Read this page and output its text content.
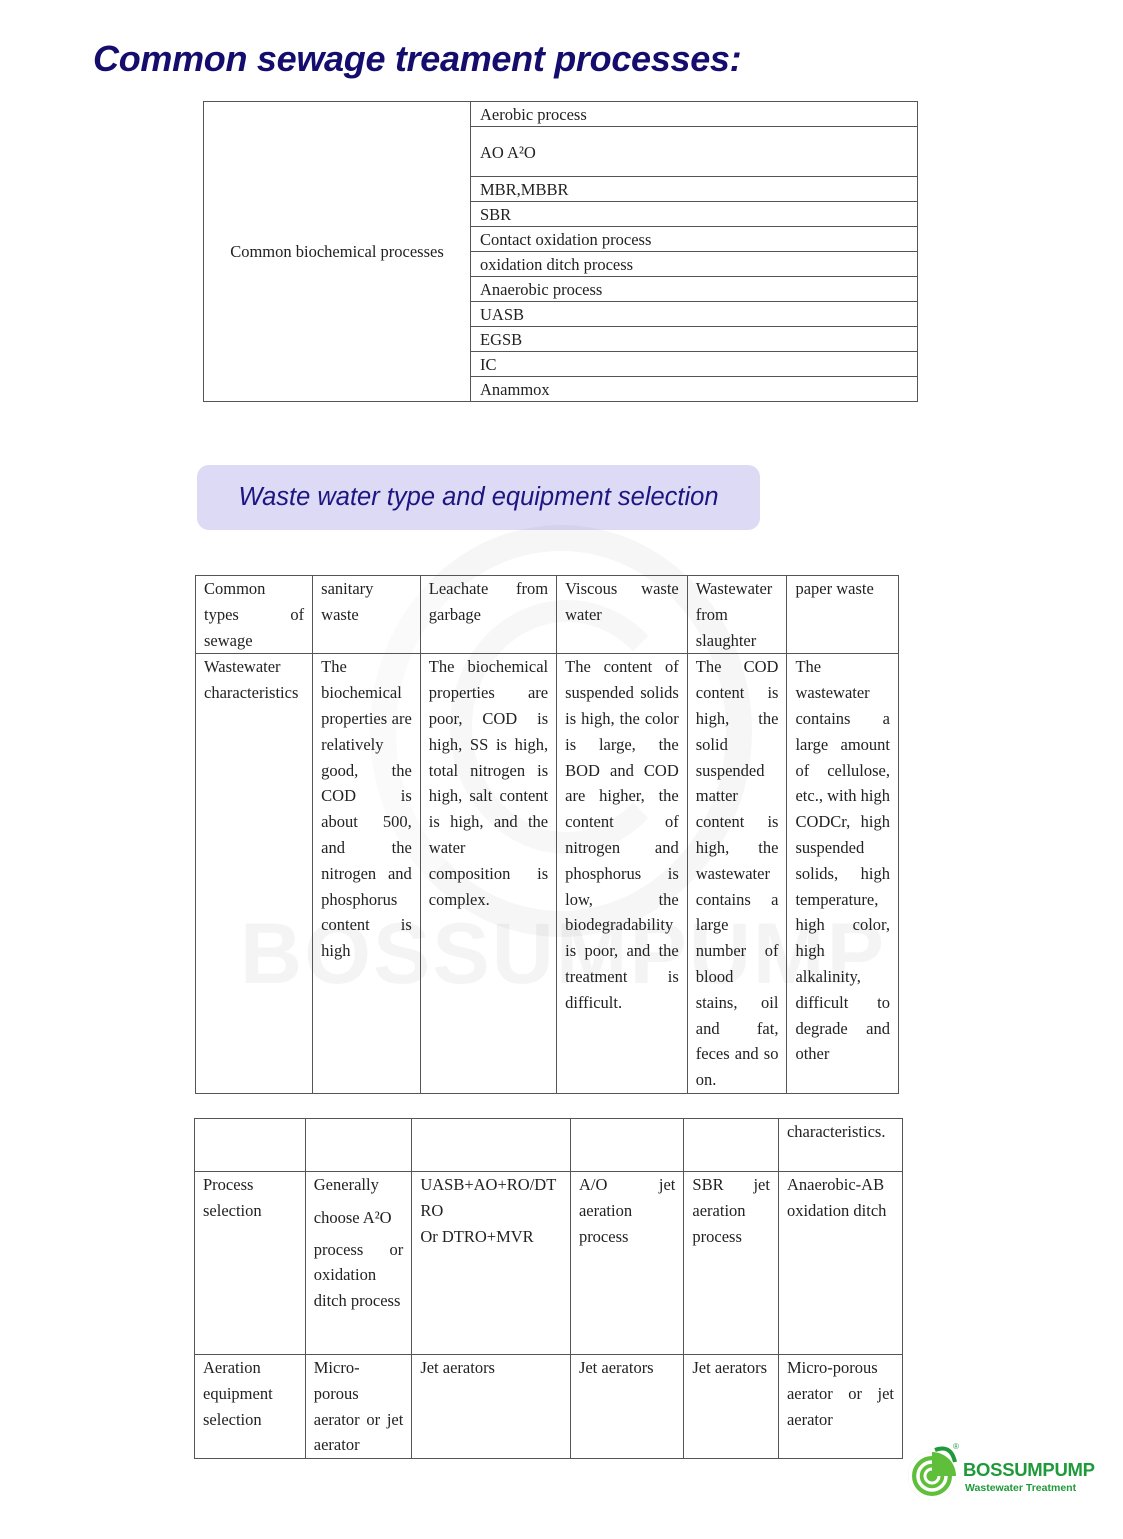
Common sewage treament processes:
Common biochemical processes	Aerobic process
AO A²O
MBR,MBBR
SBR
Contact oxidation process
oxidation ditch process
Anaerobic process
UASB
EGSB
IC
Anammox
Waste water type and equipment selection
Common types of sewage	sanitary waste	Leachate from garbage	Viscous waste water	Wastewater from slaughter	paper waste
Wastewater characteristics	The biochemical properties are relatively good, the COD is about 500, and the nitrogen and phosphorus content is high	The biochemical properties are poor, COD is high, SS is high, total nitrogen is high, salt content is high, and the water composition is complex.	The content of suspended solids is high, the color is large, the BOD and COD are higher, the content of nitrogen and phosphorus is low, the biodegradability is poor, and the treatment is difficult.	The COD content is high, the solid suspended matter content is high, the wastewater contains a large number of blood stains, oil and fat, feces and so on.	The wastewater contains a large amount of cellulose, etc., with high CODCr, high suspended solids, high temperature, high color, high alkalinity, difficult to degrade and other
					characteristics.
Process selection	Generally
choose A²O
process or oxidation ditch process	UASB+AO+RO/DTRO
Or DTRO+MVR	A/O jet aeration process	SBR jet aeration process	Anaerobic-AB oxidation ditch
Aeration equipment selection	Micro-porous aerator or jet aerator	Jet aerators	Jet aerators	Jet aerators	Micro-porous aerator or jet aerator
BOSSUMPUMP
®
Wastewater Treatment
